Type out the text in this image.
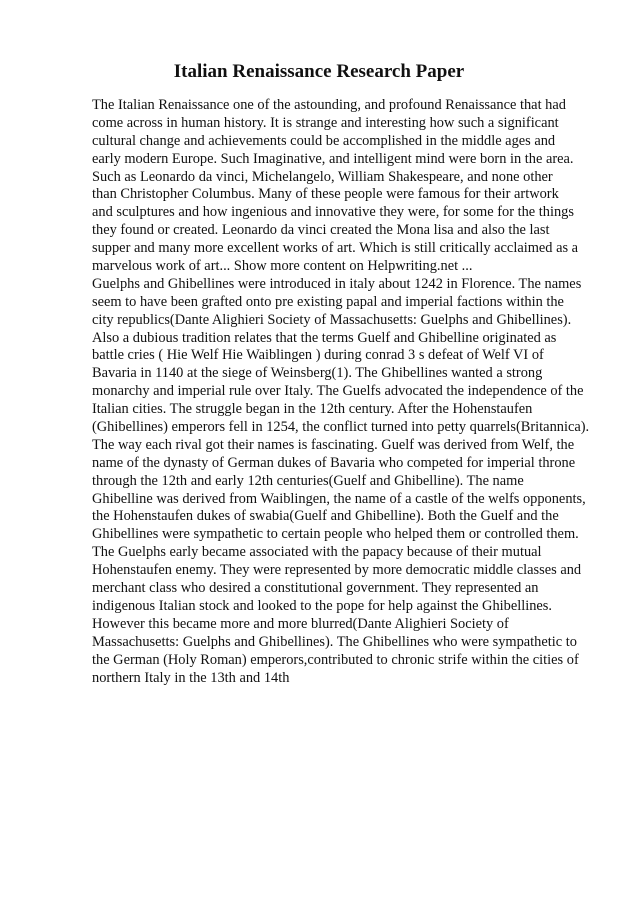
Italian Renaissance Research Paper
The Italian Renaissance one of the astounding, and profound Renaissance that had
come across in human history. It is strange and interesting how such a significant
cultural change and achievements could be accomplished in the middle ages and
early modern Europe. Such Imaginative, and intelligent mind were born in the area.
Such as Leonardo da vinci, Michelangelo, William Shakespeare, and none other
than Christopher Columbus. Many of these people were famous for their artwork
and sculptures and how ingenious and innovative they were, for some for the things
they found or created. Leonardo da vinci created the Mona lisa and also the last
supper and many more excellent works of art. Which is still critically acclaimed as a
marvelous work of art... Show more content on Helpwriting.net ...
Guelphs and Ghibellines were introduced in italy about 1242 in Florence. The names
seem to have been grafted onto pre existing papal and imperial factions within the
city republics(Dante Alighieri Society of Massachusetts: Guelphs and Ghibellines).
Also a dubious tradition relates that the terms Guelf and Ghibelline originated as
battle cries ( Hie Welf Hie Waiblingen ) during conrad 3 s defeat of Welf VI of
Bavaria in 1140 at the siege of Weinsberg(1). The Ghibellines wanted a strong
monarchy and imperial rule over Italy. The Guelfs advocated the independence of the
Italian cities. The struggle began in the 12th century. After the Hohenstaufen
(Ghibellines) emperors fell in 1254, the conflict turned into petty quarrels(Britannica).
The way each rival got their names is fascinating. Guelf was derived from Welf, the
name of the dynasty of German dukes of Bavaria who competed for imperial throne
through the 12th and early 12th centuries(Guelf and Ghibelline). The name
Ghibelline was derived from Waiblingen, the name of a castle of the welfs opponents,
the Hohenstaufen dukes of swabia(Guelf and Ghibelline). Both the Guelf and the
Ghibellines were sympathetic to certain people who helped them or controlled them.
The Guelphs early became associated with the papacy because of their mutual
Hohenstaufen enemy. They were represented by more democratic middle classes and
merchant class who desired a constitutional government. They represented an
indigenous Italian stock and looked to the pope for help against the Ghibellines.
However this became more and more blurred(Dante Alighieri Society of
Massachusetts: Guelphs and Ghibellines). The Ghibellines who were sympathetic to
the German (Holy Roman) emperors,contributed to chronic strife within the cities of
northern Italy in the 13th and 14th
